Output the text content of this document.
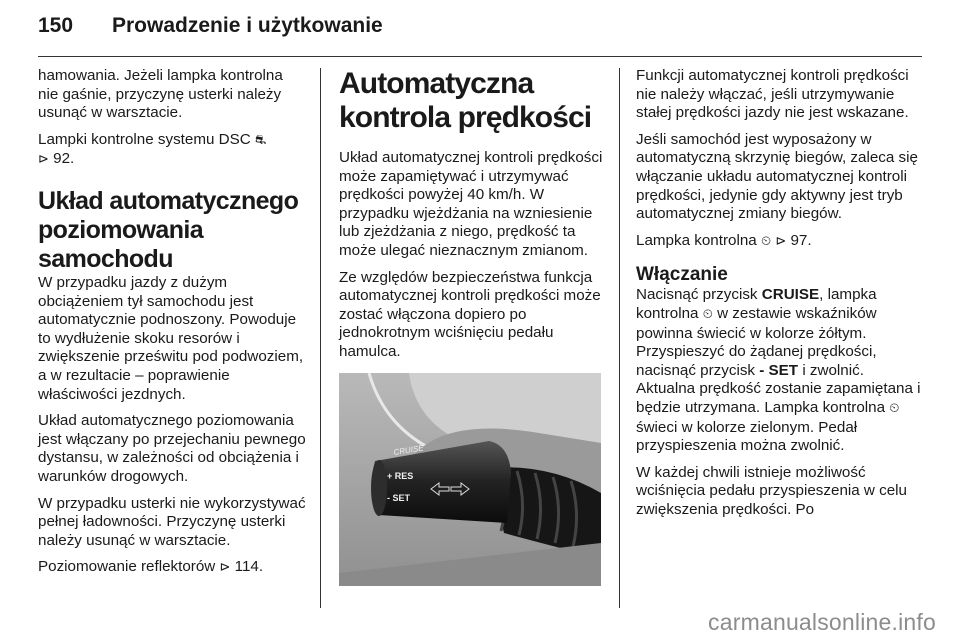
150	Prowadzenie i użytkowanie

hamowania. Jeżeli lampka kontrolna nie gaśnie, przyczynę usterki należy usunąć w warsztacie.

Lampki kontrolne systemu DSC ⛐
⊳ 92.

Układ automatycznego poziomowania samochodu

W przypadku jazdy z dużym obciążeniem tył samochodu jest automatycznie podnoszony. Powoduje to wydłużenie skoku resorów i zwiększenie prześwitu pod podwoziem, a w rezultacie – poprawienie właściwości jezdnych.

Układ automatycznego poziomowania jest włączany po przejechaniu pewnego dystansu, w zależności od obciążenia i warunków drogowych.

W przypadku usterki nie wykorzystywać pełnej ładowności. Przyczynę usterki należy usunąć w warsztacie.

Poziomowanie reflektorów ⊳ 114.

Automatyczna kontrola prędkości

Układ automatycznej kontroli prędkości może zapamiętywać i utrzymywać prędkości powyżej 40 km/h. W przypadku wjeżdżania na wzniesienie lub zjeżdżania z niego, prędkość ta może ulegać nieznacznym zmianom.

Ze względów bezpieczeństwa funkcja automatycznej kontroli prędkości może zostać włączona dopiero po jednokrotnym wciśnięciu pedału hamulca.

CRUISE
+ RES
- SET

Funkcji automatycznej kontroli prędkości nie należy włączać, jeśli utrzymywanie stałej prędkości jazdy nie jest wskazane.

Jeśli samochód jest wyposażony w automatyczną skrzynię biegów, zaleca się włączanie układu automatycznej kontroli prędkości, jedynie gdy aktywny jest tryb automatycznej zmiany biegów.

Lampka kontrolna ⏲ ⊳ 97.

Włączanie

Nacisnąć przycisk CRUISE, lampka kontrolna ⏲ w zestawie wskaźników powinna świecić w kolorze żółtym. Przyspieszyć do żądanej prędkości, nacisnąć przycisk - SET i zwolnić. Aktualna prędkość zostanie zapamiętana i będzie utrzymana. Lampka kontrolna ⏲ świeci w kolorze zielonym. Pedał przyspieszenia można zwolnić.

W każdej chwili istnieje możliwość wciśnięcia pedału przyspieszenia w celu zwiększenia prędkości. Po

carmanualsonline.info
